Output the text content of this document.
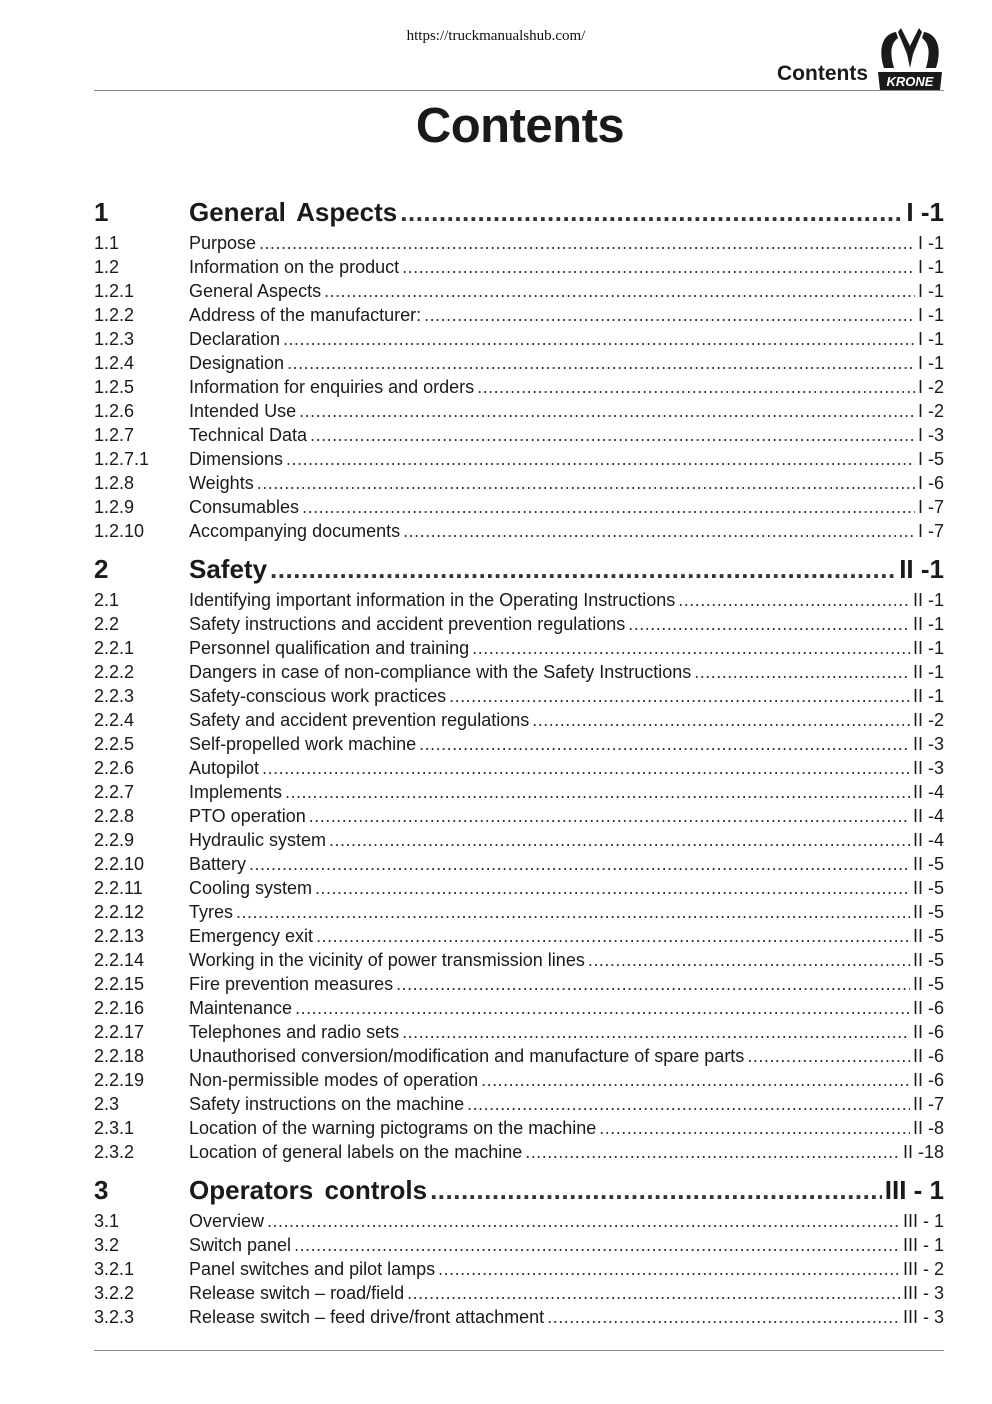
https://truckmanualshub.com/
Contents KRONE
Contents
1	General Aspects .....	I -1
1.1	Purpose .....	I -1
1.2	Information on the product .....	I -1
1.2.1	General Aspects .....	I -1
1.2.2	Address of the manufacturer: .....	I -1
1.2.3	Declaration .....	I -1
1.2.4	Designation .....	I -1
1.2.5	Information for enquiries and orders .....	I -2
1.2.6	Intended Use .....	I -2
1.2.7	Technical Data .....	I -3
1.2.7.1	Dimensions .....	I -5
1.2.8	Weights .....	I -6
1.2.9	Consumables .....	I -7
1.2.10	Accompanying documents .....	I -7
2	Safety .....	II -1
2.1	Identifying important information in the Operating Instructions .....	II -1
2.2	Safety instructions and accident prevention regulations .....	II -1
2.2.1	Personnel qualification and training .....	II -1
2.2.2	Dangers in case of non-compliance with the Safety Instructions .....	II -1
2.2.3	Safety-conscious work practices .....	II -1
2.2.4	Safety and accident prevention regulations .....	II -2
2.2.5	Self-propelled work machine .....	II -3
2.2.6	Autopilot .....	II -3
2.2.7	Implements .....	II -4
2.2.8	PTO operation .....	II -4
2.2.9	Hydraulic system .....	II -4
2.2.10	Battery .....	II -5
2.2.11	Cooling system .....	II -5
2.2.12	Tyres .....	II -5
2.2.13	Emergency exit .....	II -5
2.2.14	Working in the vicinity of power transmission lines .....	II -5
2.2.15	Fire prevention measures .....	II -5
2.2.16	Maintenance .....	II -6
2.2.17	Telephones and radio sets .....	II -6
2.2.18	Unauthorised conversion/modification and manufacture of spare parts .....	II -6
2.2.19	Non-permissible modes of operation .....	II -6
2.3	Safety instructions on the machine .....	II -7
2.3.1	Location of the warning pictograms on the machine .....	II -8
2.3.2	Location of general labels on the machine .....	II -18
3	Operators controls .....	III - 1
3.1	Overview .....	III - 1
3.2	Switch panel .....	III - 1
3.2.1	Panel switches and pilot lamps .....	III - 2
3.2.2	Release switch – road/field .....	III - 3
3.2.3	Release switch – feed drive/front attachment .....	III - 3
